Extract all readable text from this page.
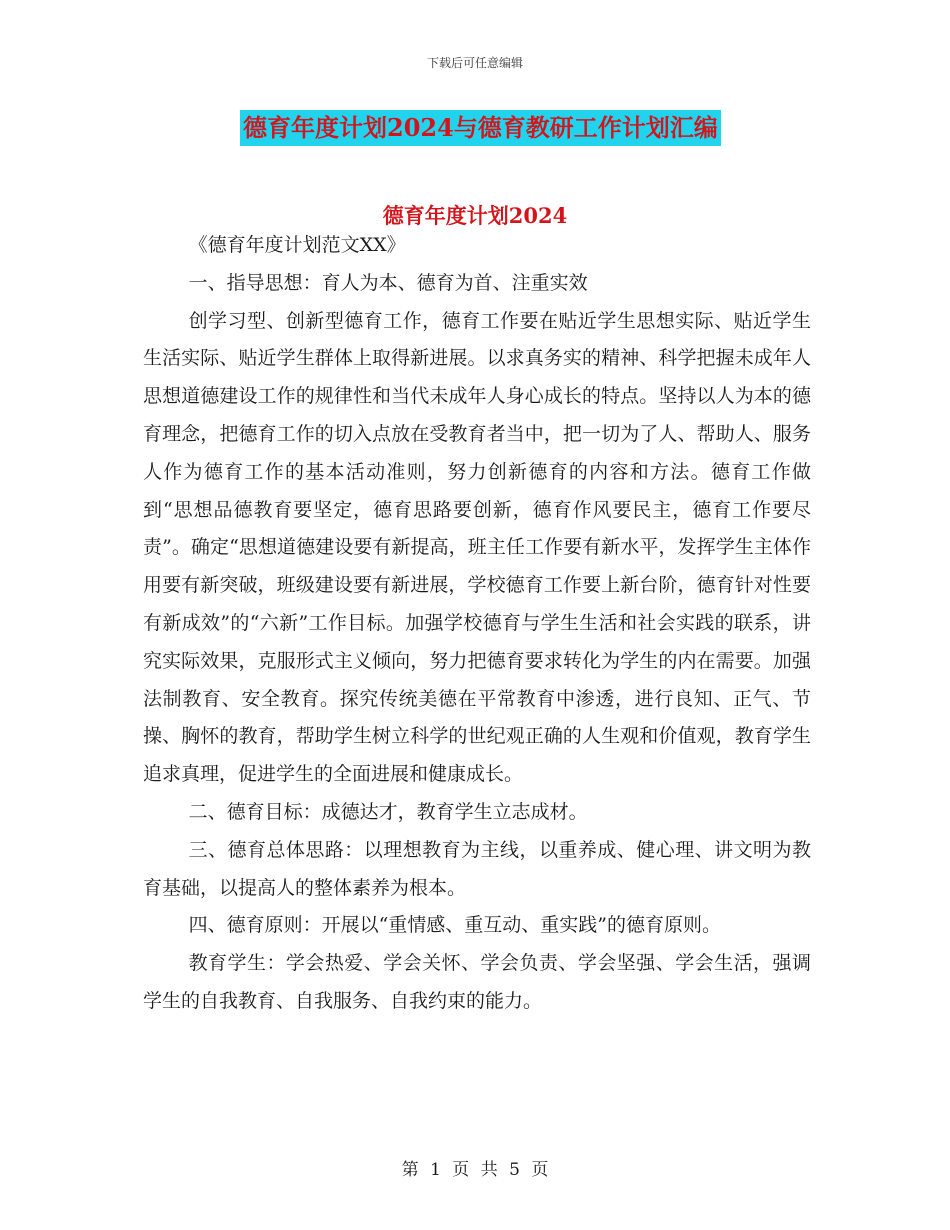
下载后可任意编辑
德育年度计划2024与德育教研工作计划汇编
德育年度计划2024

《德育年度计划范文XX》

一、指导思想：育人为本、德育为首、注重实效

创学习型、创新型德育工作，德育工作要在贴近学生思想实际、贴近学生生活实际、贴近学生群体上取得新进展。以求真务实的精神、科学把握未成年人思想道德建设工作的规律性和当代未成年人身心成长的特点。坚持以人为本的德育理念，把德育工作的切入点放在受教育者当中，把一切为了人、帮助人、服务人作为德育工作的基本活动准则，努力创新德育的内容和方法。德育工作做到“思想品德教育要坚定，德育思路要创新，德育作风要民主，德育工作要尽责”。确定“思想道德建设要有新提高，班主任工作要有新水平，发挥学生主体作用要有新突破，班级建设要有新进展，学校德育工作要上新台阶，德育针对性要有新成效”的“六新”工作目标。加强学校德育与学生生活和社会实践的联系，讲究实际效果，克服形式主义倾向，努力把德育要求转化为学生的内在需要。加强法制教育、安全教育。探究传统美德在平常教育中渗透，进行良知、正气、节操、胸怀的教育，帮助学生树立科学的世纪观正确的人生观和价值观，教育学生追求真理，促进学生的全面进展和健康成长。

二、德育目标：成德达才，教育学生立志成材。

三、德育总体思路：以理想教育为主线，以重养成、健心理、讲文明为教育基础，以提高人的整体素养为根本。

四、德育原则：开展以“重情感、重互动、重实践”的德育原则。

教育学生：学会热爱、学会关怀、学会负责、学会坚强、学会生活，强调学生的自我教育、自我服务、自我约束的能力。

第 1 页 共 5 页
